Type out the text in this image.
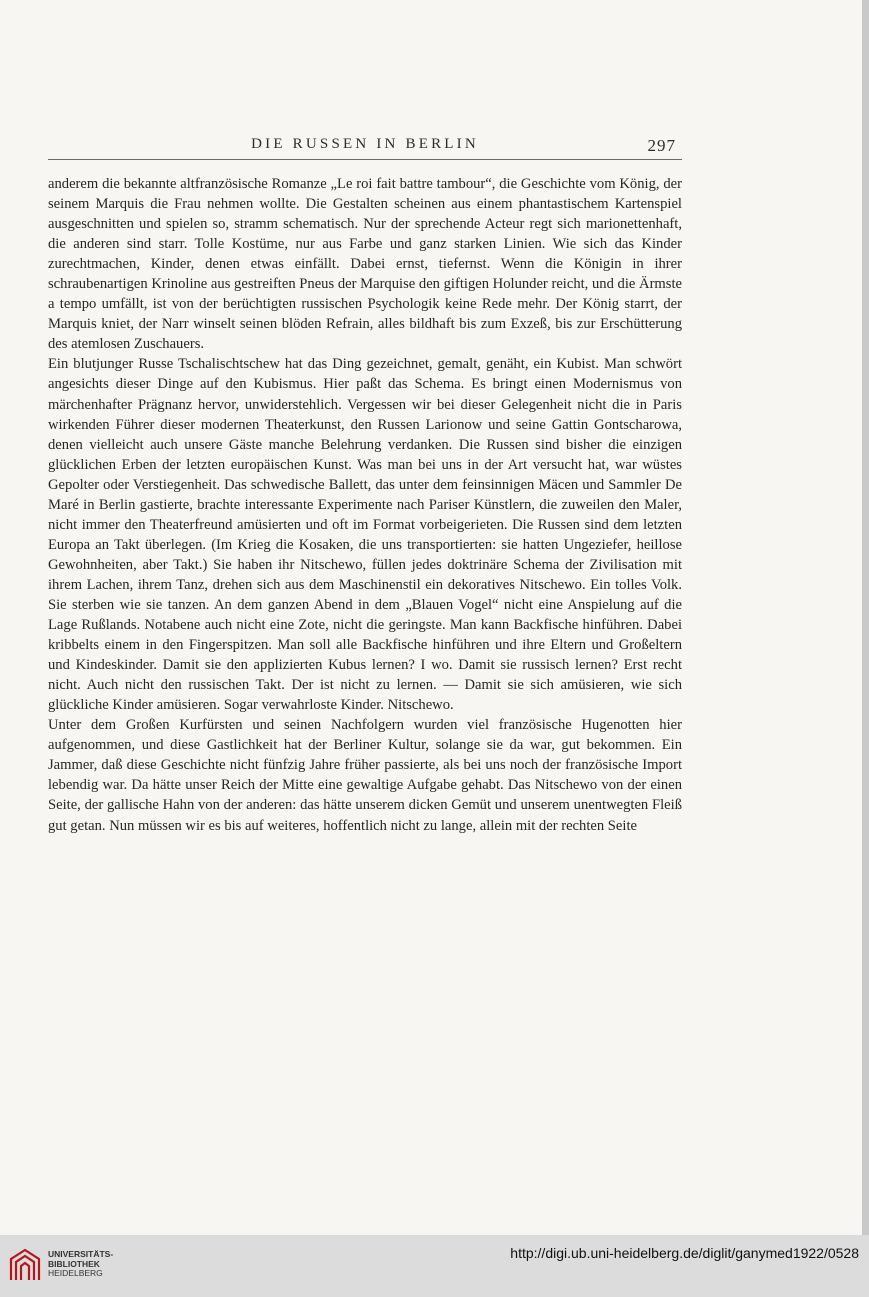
DIE RUSSEN IN BERLIN	297

anderem die bekannte altfranzösische Romanze „Le roi fait battre tambour“, die Geschichte vom König, der seinem Marquis die Frau nehmen wollte. Die Gestalten scheinen aus einem phantastischem Kartenspiel ausgeschnitten und spielen so, stramm schematisch. Nur der sprechende Acteur regt sich marionettenhaft, die anderen sind starr. Tolle Kostüme, nur aus Farbe und ganz starken Linien. Wie sich das Kinder zurechtmachen, Kinder, denen etwas einfällt. Dabei ernst, tiefernst. Wenn die Königin in ihrer schraubenartigen Krinoline aus gestreiften Pneus der Marquise den giftigen Holunder reicht, und die Ärmste a tempo umfällt, ist von der berüchtigten russischen Psychologik keine Rede mehr. Der König starrt, der Marquis kniet, der Narr winselt seinen blöden Refrain, alles bildhaft bis zum Exzeß, bis zur Erschütterung des atemlosen Zuschauers.

Ein blutjunger Russe Tschalischtschew hat das Ding gezeichnet, gemalt, genäht, ein Kubist. Man schwört angesichts dieser Dinge auf den Kubismus. Hier paßt das Schema. Es bringt einen Modernismus von märchenhafter Prägnanz hervor, unwiderstehlich. Vergessen wir bei dieser Gelegenheit nicht die in Paris wirkenden Führer dieser modernen Theaterkunst, den Russen Larionow und seine Gattin Gontscharowa, denen vielleicht auch unsere Gäste manche Belehrung verdanken. Die Russen sind bisher die einzigen glücklichen Erben der letzten europäischen Kunst. Was man bei uns in der Art versucht hat, war wüstes Gepolter oder Verstiegenheit. Das schwedische Ballett, das unter dem feinsinnigen Mäcen und Sammler De Maré in Berlin gastierte, brachte interessante Experimente nach Pariser Künstlern, die zuweilen den Maler, nicht immer den Theaterfreund amüsierten und oft im Format vorbeigerieten. Die Russen sind dem letzten Europa an Takt überlegen. (Im Krieg die Kosaken, die uns transportierten: sie hatten Ungeziefer, heillose Gewohnheiten, aber Takt.) Sie haben ihr Nitschewo, füllen jedes doktrinäre Schema der Zivilisation mit ihrem Lachen, ihrem Tanz, drehen sich aus dem Maschinenstil ein dekoratives Nitschewo. Ein tolles Volk. Sie sterben wie sie tanzen. An dem ganzen Abend in dem „Blauen Vogel“ nicht eine Anspielung auf die Lage Rußlands. Notabene auch nicht eine Zote, nicht die geringste. Man kann Backfische hinführen. Dabei kribbelts einem in den Fingerspitzen. Man soll alle Backfische hinführen und ihre Eltern und Großeltern und Kindeskinder. Damit sie den applizierten Kubus lernen? I wo. Damit sie russisch lernen? Erst recht nicht. Auch nicht den russischen Takt. Der ist nicht zu lernen. — Damit sie sich amüsieren, wie sich glückliche Kinder amüsieren. Sogar verwahrloste Kinder. Nitschewo.

Unter dem Großen Kurfürsten und seinen Nachfolgern wurden viel französische Hugenotten hier aufgenommen, und diese Gastlichkeit hat der Berliner Kultur, solange sie da war, gut bekommen. Ein Jammer, daß diese Geschichte nicht fünfzig Jahre früher passierte, als bei uns noch der französische Import lebendig war. Da hätte unser Reich der Mitte eine gewaltige Aufgabe gehabt. Das Nitschewo von der einen Seite, der gallische Hahn von der anderen: das hätte unserem dicken Gemüt und unserem unentwegten Fleiß gut getan. Nun müssen wir es bis auf weiteres, hoffentlich nicht zu lange, allein mit der rechten Seite

UNIVERSITÄTS-
BIBLIOTHEK
HEIDELBERG
http://digi.ub.uni-heidelberg.de/diglit/ganymed1922/0528
